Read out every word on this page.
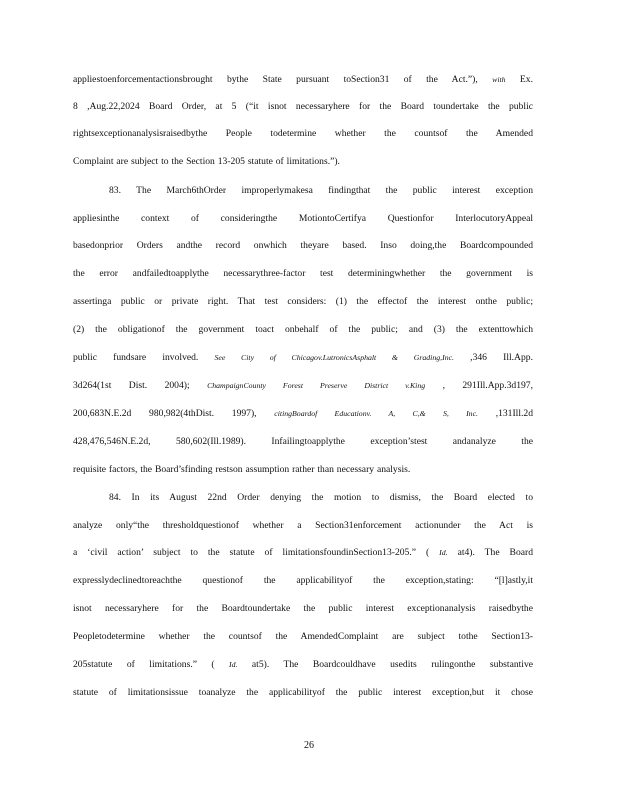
appliestoenforcementactionsbrought bythe State pursuant toSection31 of the Act.”), with Ex.
8 ,Aug.22,2024 Board Order, at 5 (“it isnot necessaryhere for the Board toundertake the public
rightsexceptionanalysisraisedbythe People todetermine whether the countsof the Amended
Complaint are subject to the Section 13-205 statute of limitations.”).
83. The March6thOrder improperlymakesa findingthat the public interest exception
appliesinthe context of consideringthe MotiontoCertifya Questionfor InterlocutoryAppeal
basedonprior Orders andthe record onwhich theyare based. Inso doing,the Boardcompounded
the error andfailedtoapplythe necessarythree-factor test determiningwhether the government is
assertinga public or private right. That test considers: (1) the effectof the interest onthe public;
(2) the obligationof the government toact onbehalf of the public; and (3) the extenttowhich
public fundsare involved. See City of Chicagov.LutronicsAsphalt & Grading,Inc. ,346 Ill.App.
3d264(1st Dist. 2004); ChampaignCounty Forest Preserve District v.King , 291Ill.App.3d197,
200,683N.E.2d 980,982(4thDist. 1997), citingBoardof Educationv. A, C,& S, Inc. ,131Ill.2d
428,476,546N.E.2d, 580,602(Ill.1989). Infailingtoapplythe exception’stest andanalyze the
requisite factors, the Board’sfinding restson assumption rather than necessary analysis.
84. In its August 22nd Order denying the motion to dismiss, the Board elected to
analyze only“the thresholdquestionof whether a Section31enforcement actionunder the Act is
a ‘civil action’ subject to the statute of limitationsfoundinSection13-205.” ( Id. at4). The Board
expresslydeclinedtoreachthe questionof the applicabilityof the exception,stating: “[l]astly,it
isnot necessaryhere for the Boardtoundertake the public interest exceptionanalysis raisedbythe
Peopletodetermine whether the countsof the AmendedComplaint are subject tothe Section13-
205statute of limitations.” ( Id. at5). The Boardcouldhave usedits rulingonthe substantive
statute of limitationsissue toanalyze the applicabilityof the public interest exception,but it chose
26
